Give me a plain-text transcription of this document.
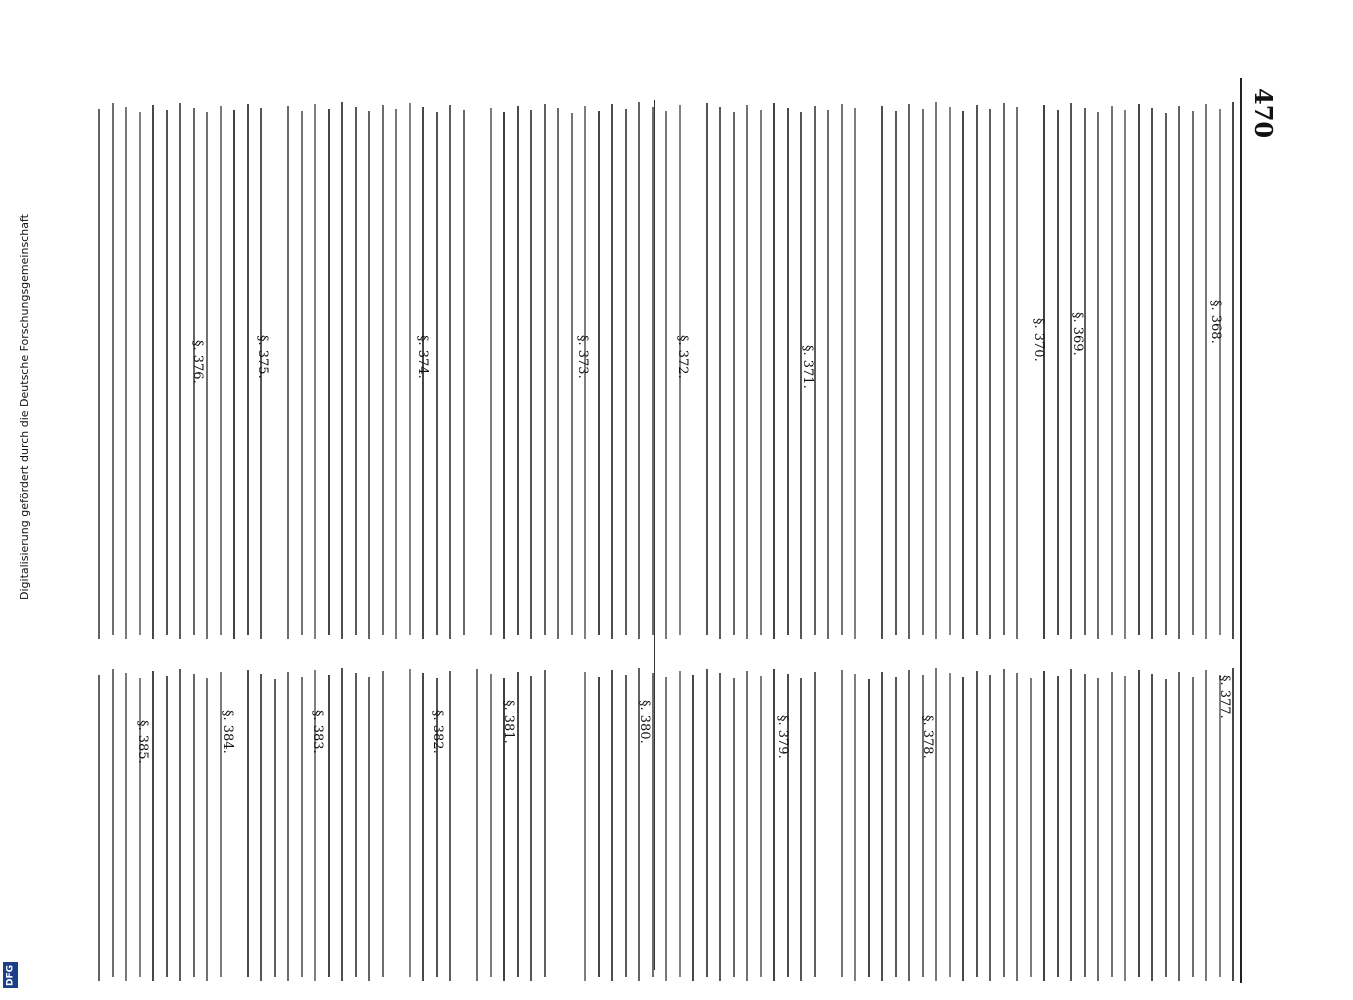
470
Digitalisierung gefördert durch die Deutsche Forschungsgemeinschaft
DFG
§. 368.
§. 369.
§. 370.
§. 371.
§. 372.
§. 373.
§. 374.
§. 375.
§. 376.
§. 377.
§. 378.
§. 379.
§. 380.
§. 381.
§. 382.
§. 383.
§. 384.
§. 385.
